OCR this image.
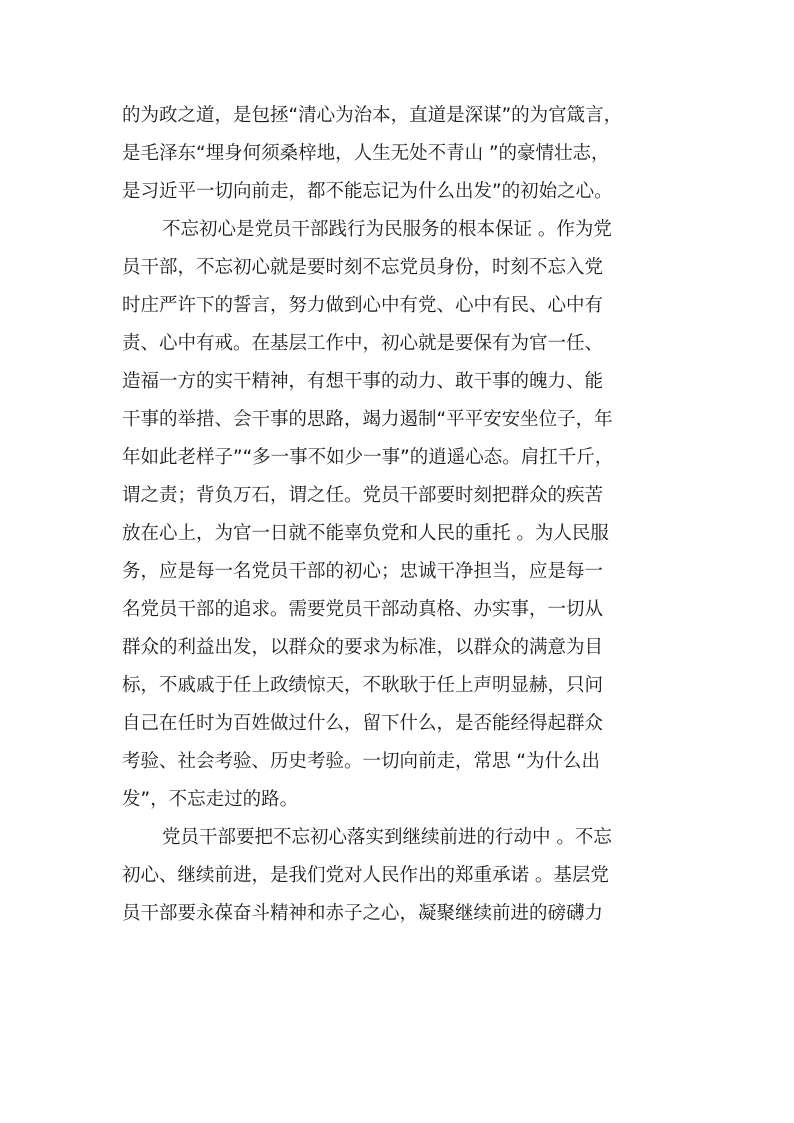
的为政之道，是包拯“清心为治本，直道是深谋”的为官箴言，
是毛泽东“埋身何须桑梓地，人生无处不青山 ”的豪情壮志，
是习近平一切向前走，都不能忘记为什么出发”的初始之心。
不忘初心是党员干部践行为民服务的根本保证 。作为党
员干部，不忘初心就是要时刻不忘党员身份，时刻不忘入党
时庄严许下的誓言，努力做到心中有党、心中有民、心中有
责、心中有戒。在基层工作中，初心就是要保有为官一任、
造福一方的实干精神，有想干事的动力、敢干事的魄力、能
干事的举措、会干事的思路，竭力遏制“平平安安坐位子，年
年如此老样子”“多一事不如少一事”的逍遥心态。肩扛千斤，
谓之责；背负万石，谓之任。党员干部要时刻把群众的疾苦
放在心上，为官一日就不能辜负党和人民的重托 。为人民服
务，应是每一名党员干部的初心；忠诚干净担当，应是每一
名党员干部的追求。需要党员干部动真格、办实事，一切从
群众的利益出发，以群众的要求为标准，以群众的满意为目
标，不戚戚于任上政绩惊天，不耿耿于任上声明显赫，只问
自己在任时为百姓做过什么，留下什么，是否能经得起群众
考验、社会考验、历史考验。一切向前走，常思 “为什么出
发”，不忘走过的路。
党员干部要把不忘初心落实到继续前进的行动中 。不忘
初心、继续前进，是我们党对人民作出的郑重承诺 。基层党
员干部要永葆奋斗精神和赤子之心，凝聚继续前进的磅礴力
